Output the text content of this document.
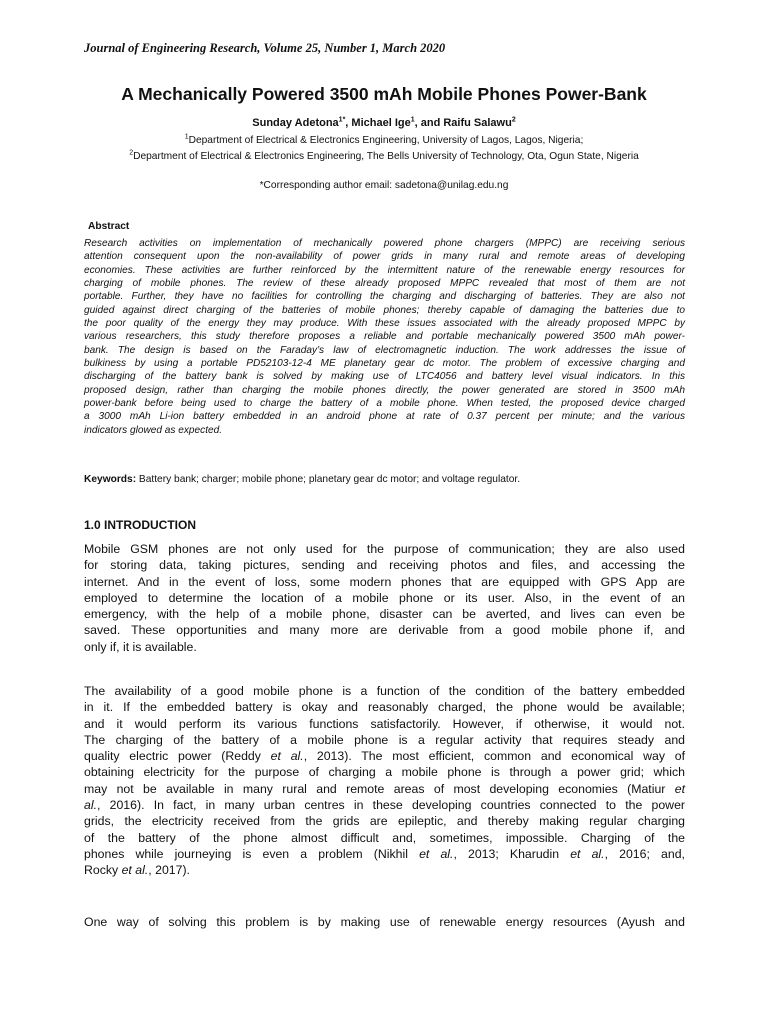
Journal of Engineering Research, Volume 25, Number 1, March 2020
A Mechanically Powered 3500 mAh Mobile Phones Power-Bank
Sunday Adetona$^{1*}$, Michael Ige$^1$, and Raifu Salawu$^2$
$^1$Department of Electrical & Electronics Engineering, University of Lagos, Lagos, Nigeria;
$^2$Department of Electrical & Electronics Engineering, The Bells University of Technology, Ota, Ogun State, Nigeria
*Corresponding author email: sadetona@unilag.edu.ng
Abstract
Research activities on implementation of mechanically powered phone chargers (MPPC) are receiving serious
attention consequent upon the non-availability of power grids in many rural and remote areas of developing
economies. These activities are further reinforced by the intermittent nature of the renewable energy resources for
charging of mobile phones. The review of these already proposed MPPC revealed that most of them are not
portable. Further, they have no facilities for controlling the charging and discharging of batteries. They are also not
guided against direct charging of the batteries of mobile phones; thereby capable of damaging the batteries due to
the poor quality of the energy they may produce. With these issues associated with the already proposed MPPC by
various researchers, this study therefore proposes a reliable and portable mechanically powered 3500 mAh power-
bank. The design is based on the Faraday’s law of electromagnetic induction. The work addresses the issue of
bulkiness by using a portable PD52103-12-4 ME planetary gear dc motor. The problem of excessive charging and
discharging of the battery bank is solved by making use of LTC4056 and battery level visual indicators. In this
proposed design, rather than charging the mobile phones directly, the power generated are stored in 3500 mAh
power-bank before being used to charge the battery of a mobile phone. When tested, the proposed device charged
a 3000 mAh Li-ion battery embedded in an android phone at rate of 0.37 percent per minute; and the various
indicators glowed as expected.
Keywords: Battery bank; charger; mobile phone; planetary gear dc motor; and voltage regulator.
1.0 INTRODUCTION
Mobile GSM phones are not only used for the purpose of communication; they are also used
for storing data, taking pictures, sending and receiving photos and files, and accessing the
internet. And in the event of loss, some modern phones that are equipped with GPS App are
employed to determine the location of a mobile phone or its user. Also, in the event of an
emergency, with the help of a mobile phone, disaster can be averted, and lives can even be
saved. These opportunities and many more are derivable from a good mobile phone if, and
only if, it is available.
The availability of a good mobile phone is a function of the condition of the battery embedded
in it. If the embedded battery is okay and reasonably charged, the phone would be available;
and it would perform its various functions satisfactorily. However, if otherwise, it would not.
The charging of the battery of a mobile phone is a regular activity that requires steady and
quality electric power (Reddy et al., 2013). The most efficient, common and economical way of
obtaining electricity for the purpose of charging a mobile phone is through a power grid; which
may not be available in many rural and remote areas of most developing economies (Matiur et
al., 2016). In fact, in many urban centres in these developing countries connected to the power
grids, the electricity received from the grids are epileptic, and thereby making regular charging
of the battery of the phone almost difficult and, sometimes, impossible. Charging of the
phones while journeying is even a problem (Nikhil et al., 2013; Kharudin et al., 2016; and,
Rocky et al., 2017).
One way of solving this problem is by making use of renewable energy resources (Ayush and
